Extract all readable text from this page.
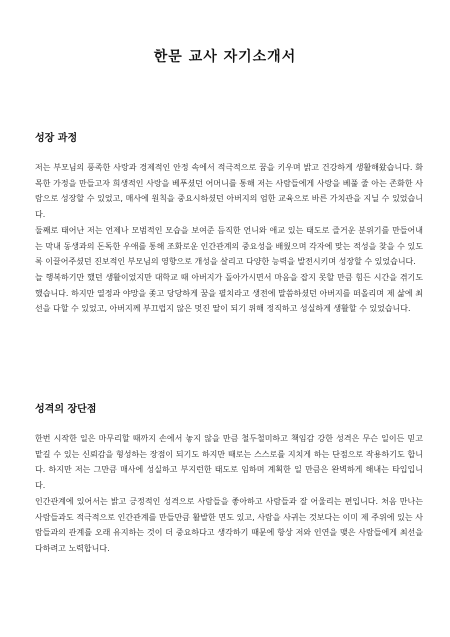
한문 교사 자기소개서
성장 과정

저는 부모님의 풍족한 사랑과 경제적인 안정 속에서 적극적으로 꿈을 키우며 밝고 건강하게 생활해왔습니다. 화목한 가정을 만들고자 희생적인 사랑을 베푸셨던 어머니를 통해 저는 사람들에게 사랑을 베풀 줄 아는 존화한 사람으로 성장할 수 있었고, 매사에 원칙을 중요시하셨던 아버지의 엄한 교육으로 바른 가치관을 지닐 수 있었습니다.

둘째로 태어난 저는 언제나 모범적인 모습을 보여준 듬직한 언니와 애교 있는 태도로 즐거운 분위기를 만들어내는 막내 동생과의 돈독한 우애를 통해 조화로운 인간관계의 중요성을 배웠으며 각자에 맞는 적성을 찾을 수 있도록 이끌어주셨던 진보적인 부모님의 영향으로 개성을 살리고 다양한 능력을 발전시키며 성장할 수 있었습니다.

늘 행복하기만 했던 생활이었지만 대학교 때 아버지가 돌아가시면서 마음을 잡지 못할 만큼 힘든 시간을 겪기도 했습니다. 하지만 열정과 야망을 좇고 당당하게 꿈을 펼치라고 생전에 말씀하셨던 아버지를 떠올리며 제 삶에 최선을 다할 수 있었고, 아버지께 부끄럽지 않은 멋진 딸이 되기 위해 정직하고 성실하게 생활할 수 있었습니다.

성격의 장단점

한번 시작한 일은 마무리할 때까지 손에서 놓지 않을 만큼 철두철미하고 책임감 강한 성격은 무슨 일이든 믿고 맡길 수 있는 신뢰감을 형성하는 장점이 되기도 하지만 때로는 스스로를 지치게 하는 단점으로 작용하기도 합니다. 하지만 저는 그만큼 매사에 성실하고 부지런한 태도로 임하며 계획한 일 만큼은 완벽하게 해내는 타입입니다.

인간관계에 있어서는 밝고 긍정적인 성격으로 사람들을 좋아하고 사람들과 잘 어울리는 편입니다. 처음 만나는 사람들과도 적극적으로 인간관계를 만들만큼 활발한 면도 있고, 사람을 사귀는 것보다는 이미 제 주위에 있는 사람들과의 관계를 오래 유지하는 것이 더 중요하다고 생각하기 때문에 항상 저와 인연을 맺은 사람들에게 최선을 다하려고 노력합니다.
